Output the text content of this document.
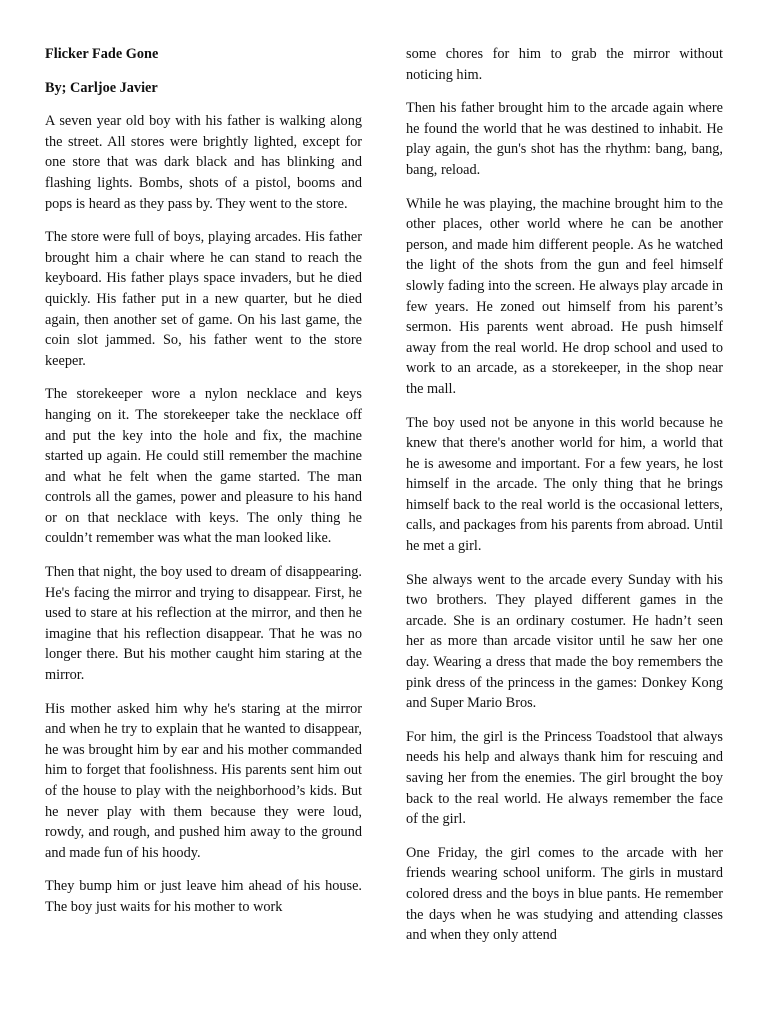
Flicker Fade Gone

By; Carljoe Javier

A seven year old boy with his father is walking along the street. All stores were brightly lighted, except for one store that was dark black and has blinking and flashing lights. Bombs, shots of a pistol, booms and pops is heard as they pass by. They went to the store.

The store were full of boys, playing arcades. His father brought him a chair where he can stand to reach the keyboard. His father plays space invaders, but he died quickly. His father put in a new quarter, but he died again, then another set of game. On his last game, the coin slot jammed. So, his father went to the store keeper.

The storekeeper wore a nylon necklace and keys hanging on it. The storekeeper take the necklace off and put the key into the hole and fix, the machine started up again. He could still remember the machine and what he felt when the game started. The man controls all the games, power and pleasure to his hand or on that necklace with keys. The only thing he couldn’t remember was what the man looked like.

Then that night, the boy used to dream of disappearing. He's facing the mirror and trying to disappear. First, he used to stare at his reflection at the mirror, and then he imagine that his reflection disappear. That he was no longer there. But his mother caught him staring at the mirror.

His mother asked him why he's staring at the mirror and when he try to explain that he wanted to disappear, he was brought him by ear and his mother commanded him to forget that foolishness. His parents sent him out of the house to play with the neighborhood’s kids. But he never play with them because they were loud, rowdy, and rough, and pushed him away to the ground and made fun of his hoody.

They bump him or just leave him ahead of his house. The boy just waits for his mother to work

some chores for him to grab the mirror without noticing him.

Then his father brought him to the arcade again where he found the world that he was destined to inhabit. He play again, the gun's shot has the rhythm: bang, bang, bang, reload.

While he was playing, the machine brought him to the other places, other world where he can be another person, and made him different people. As he watched the light of the shots from the gun and feel himself slowly fading into the screen. He always play arcade in few years. He zoned out himself from his parent’s sermon. His parents went abroad. He push himself away from the real world. He drop school and used to work to an arcade, as a storekeeper, in the shop near the mall.

The boy used not be anyone in this world because he knew that there's another world for him, a world that he is awesome and important. For a few years, he lost himself in the arcade. The only thing that he brings himself back to the real world is the occasional letters, calls, and packages from his parents from abroad. Until he met a girl.

She always went to the arcade every Sunday with his two brothers. They played different games in the arcade. She is an ordinary costumer. He hadn’t seen her as more than arcade visitor until he saw her one day. Wearing a dress that made the boy remembers the pink dress of the princess in the games: Donkey Kong and Super Mario Bros.

For him, the girl is the Princess Toadstool that always needs his help and always thank him for rescuing and saving her from the enemies. The girl brought the boy back to the real world. He always remember the face of the girl.

One Friday, the girl comes to the arcade with her friends wearing school uniform. The girls in mustard colored dress and the boys in blue pants. He remember the days when he was studying and attending classes and when they only attend
